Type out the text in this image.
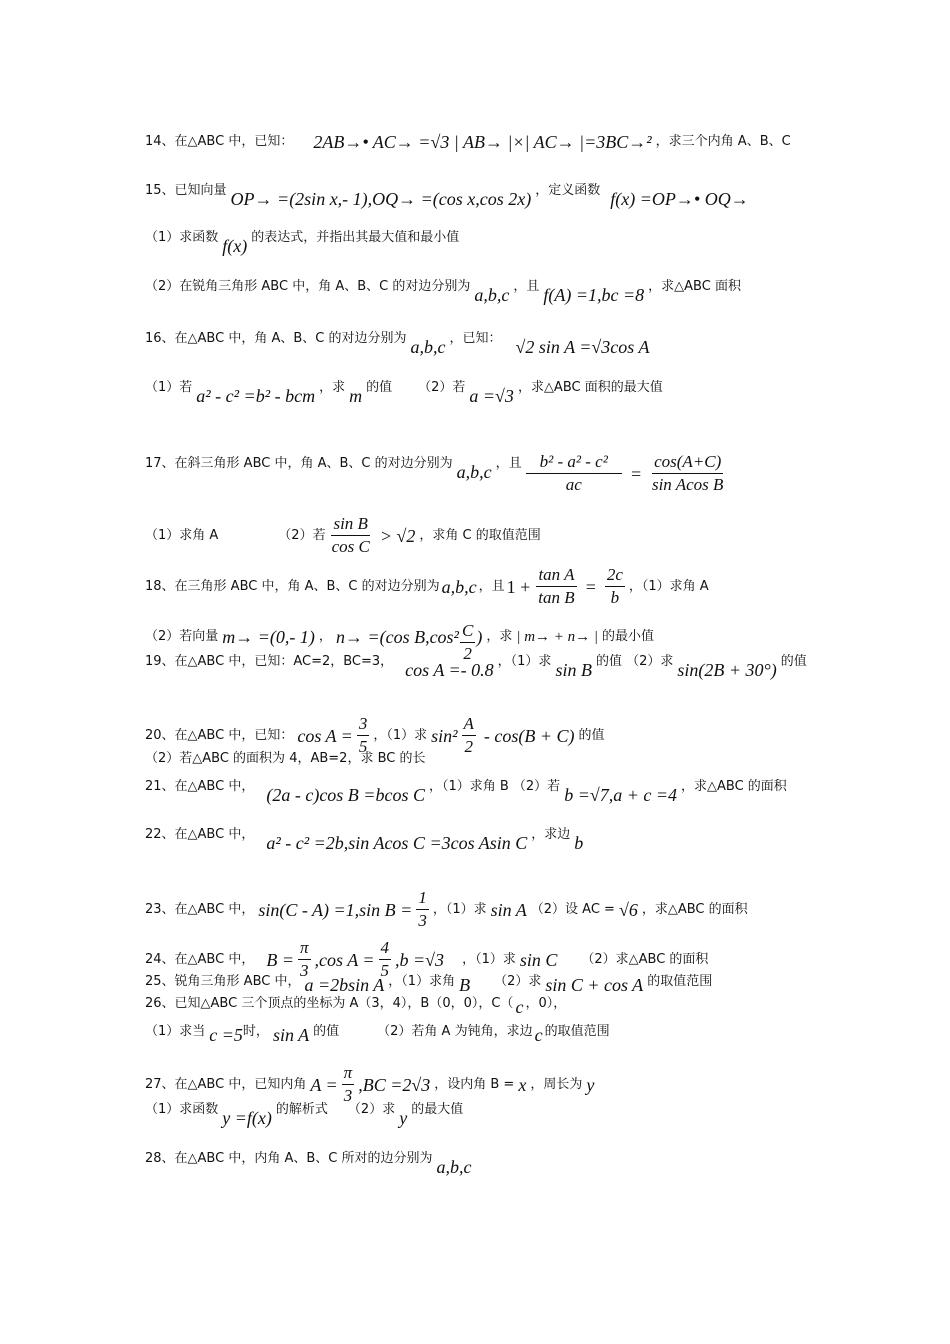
14、在△ABC 中，已知： 2AB→• AC→ =√3 | AB→ |×| AC→ |=3BC→² ，求三个内角 A、B、C
15、已知向量 OP→ =(2sin x,- 1),OQ→ =(cos x,cos 2x) ，定义函数 f(x) =OP→• OQ→
（1）求函数 f(x) 的表达式，并指出其最大值和最小值
（2）在锐角三角形 ABC 中，角 A、B、C 的对边分别为 a,b,c ，且 f(A) =1,bc =8 ，求△ABC 面积
16、在△ABC 中，角 A、B、C 的对边分别为 a,b,c ，已知： √2 sin A =√3cos A
（1）若 a² - c² =b² - bcm ，求 m 的值 （2）若 a =√3 ，求△ABC 面积的最大值
17、在斜三角形 ABC 中，角 A、B、C 的对边分别为 a,b,c ，且 $\frac{\text{b² - a² - c²}}{ac} = \frac{\cos(A+C)}{\text{sin Acos B}}$
（1）求角 A	（2）若 $\frac{\text{sin B}}{\text{cos C}} > √2$ ，求角 C 的取值范围
18、在三角形 ABC 中，角 A、B、C 的对边分别为 a,b,c ，且 $1 + \frac{\text{tan A}}{\text{tan B}} = \frac{2c}{b}$ ，（1）求角 A
（2）若向量 m→ =(0,- 1) ， n→ =(cos $B,\cos^2 \frac{C}{2}$ ) ，求 | m→ + n→ | 的最小值
19、在△ABC 中，已知：AC=2，BC=3， cos A =- 0.8 ，（1）求 sin B 的值 （2）求 sin(2B + 30°) 的值
20、在△ABC 中，已知： $\cos A = \frac{3}{5}$ ，（1）求 $\sin^2 \frac{A}{2} - \cos(B + C)$ 的值
（2）若△ABC 的面积为 4，AB=2，求 BC 的长
21、在△ABC 中， (2a - c)cos B =bcos C ，（1）求角 B （2）若 b =√7,a + c =4 ，求△ABC 的面积
22、在△ABC 中， a² - c² =2b,sin Acos C =3cos Asin C ，求边 b
23、在△ABC 中， sin(C - A) =1,sin $B = \frac{1}{3}$ ，（1）求 sin A （2）设 AC = √6 ，求△ABC 的面积
24、在△ABC 中， $B = \frac{\pi}{3} ,\cos$ $A = \frac{4}{5} ,b =√3$ ，（1）求 sin C （2）求△ABC 的面积
25、锐角三角形 ABC 中， a =2bsin A ，（1）求角 B （2）求 sin C + cos A 的取值范围
26、已知△ABC 三个顶点的坐标为 A（3，4），B（0，0），C（ c ，0），
（1）求当 c =5 时， sin A 的值	（2）若角 A 为钝角，求边 c 的取值范围
27、在△ABC 中，已知内角 $A = \frac{\pi}{3} ,BC =2√3$ ，设内角 B = x ，周长为 y
（1）求函数 y =f(x) 的解析式 （2）求 y 的最大值
28、在△ABC 中，内角 A、B、C 所对的边分别为 a,b,c
